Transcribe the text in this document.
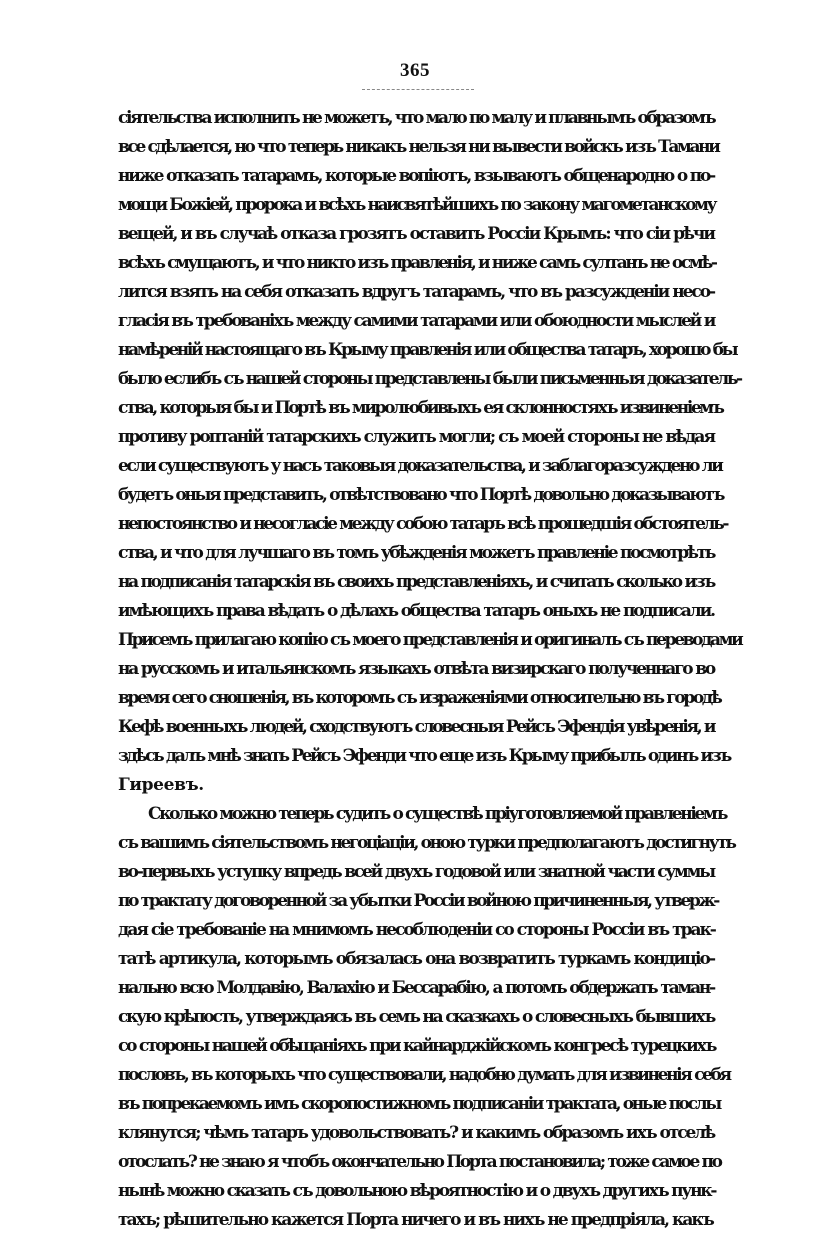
365
сіятельства исполнить не можетъ, что мало по малу и плавнымъ образомъ
все сдѣлается, но что теперь никакъ нельзя ни вывести войскъ изъ Тамани
ниже отказать татарамъ, которые вопіютъ, взываютъ общенародно о по-
мощи Божіей, пророка и всѣхъ наисвятѣйшихъ по закону магометанскому
вещей, и въ случаѣ отказа грозятъ оставить Россіи Крымъ: что сіи рѣчи
всѣхъ смущаютъ, и что никто изъ правленія, и ниже самъ султанъ не осмѣ-
лится взять на себя отказать вдругъ татарамъ, что въ разсужденіи несо-
гласія въ требованіхъ между самими татарами или обоюдности мыслей и
намѣреній настоящаго въ Крыму правленія или общества татаръ, хорошо бы
было еслибъ съ нашей стороны представлены были письменныя доказатель-
ства, которыя бы и Портѣ въ миролюбивыхъ ея склонностяхъ извиненіемъ
противу роптаній татарскихъ служить могли; съ моей стороны не вѣдая
если существуютъ у насъ таковыя доказательства, и заблагоразсуждено ли
будетъ оныя представить, отвѣтствовано что Портѣ довольно доказываютъ
непостоянство и несогласіе между собою татаръ всѣ прошедшія обстоятель-
ства, и что для лучшаго въ томъ убѣжденія можетъ правленіе посмотрѣть
на подписанія татарскія въ своихъ представленіяхъ, и считать сколько изъ
имѣющихъ права вѣдать о дѣлахъ общества татаръ оныхъ не подписали.
Присемъ прилагаю копію съ моего представленія и оригиналъ съ переводами
на русскомъ и итальянскомъ языкахъ отвѣта визирскаго полученнаго во
время сего сношенія, въ которомъ съ израженіями относительно въ городѣ
Кефѣ военныхъ людей, сходствуютъ словесныя Рейсъ Эфендія увѣренія, и
здѣсь далъ мнѣ знать Рейсъ Эфенди что еще изъ Крыму прибылъ одинъ изъ
Гиреевъ.
Сколько можно теперь судить о существѣ пріуготовляемой правленіемъ
съ вашимъ сіятельствомъ негоціаціи, оною турки предполагаютъ достигнуть
во-первыхъ уступку впредь всей двухъ годовой или знатной части суммы
по трактату договоренной за убытки Россіи войною причиненныя, утверж-
дая сіе требованіе на мнимомъ несоблюденіи со стороны Россіи въ трак-
татѣ артикула, которымъ обязалась она возвратить туркамъ кондиціо-
нально всю Молдавію, Валахію и Бессарабію, а потомъ обдержать таман-
скую крѣпость, утверждаясь въ семъ на сказкахъ о словесныхъ бывшихъ
со стороны нашей обѣщаніяхъ при кайнарджійскомъ конгресѣ турецкихъ
пословъ, въ которыхъ что существовали, надобно думать для извиненія себя
въ попрекаемомъ имъ скоропостижномъ подписаніи трактата, оные послы
клянутся; чѣмъ татаръ удовольствовать? и какимъ образомъ ихъ отселѣ
отослать? не знаю я чтобъ окончательно Порта постановила; тоже самое по
нынѣ можно сказать съ довольною вѣроятностію и о двухъ другихъ пунк-
тахъ; рѣшительно кажется Порта ничего и въ нихъ не предпріяла, какъ
